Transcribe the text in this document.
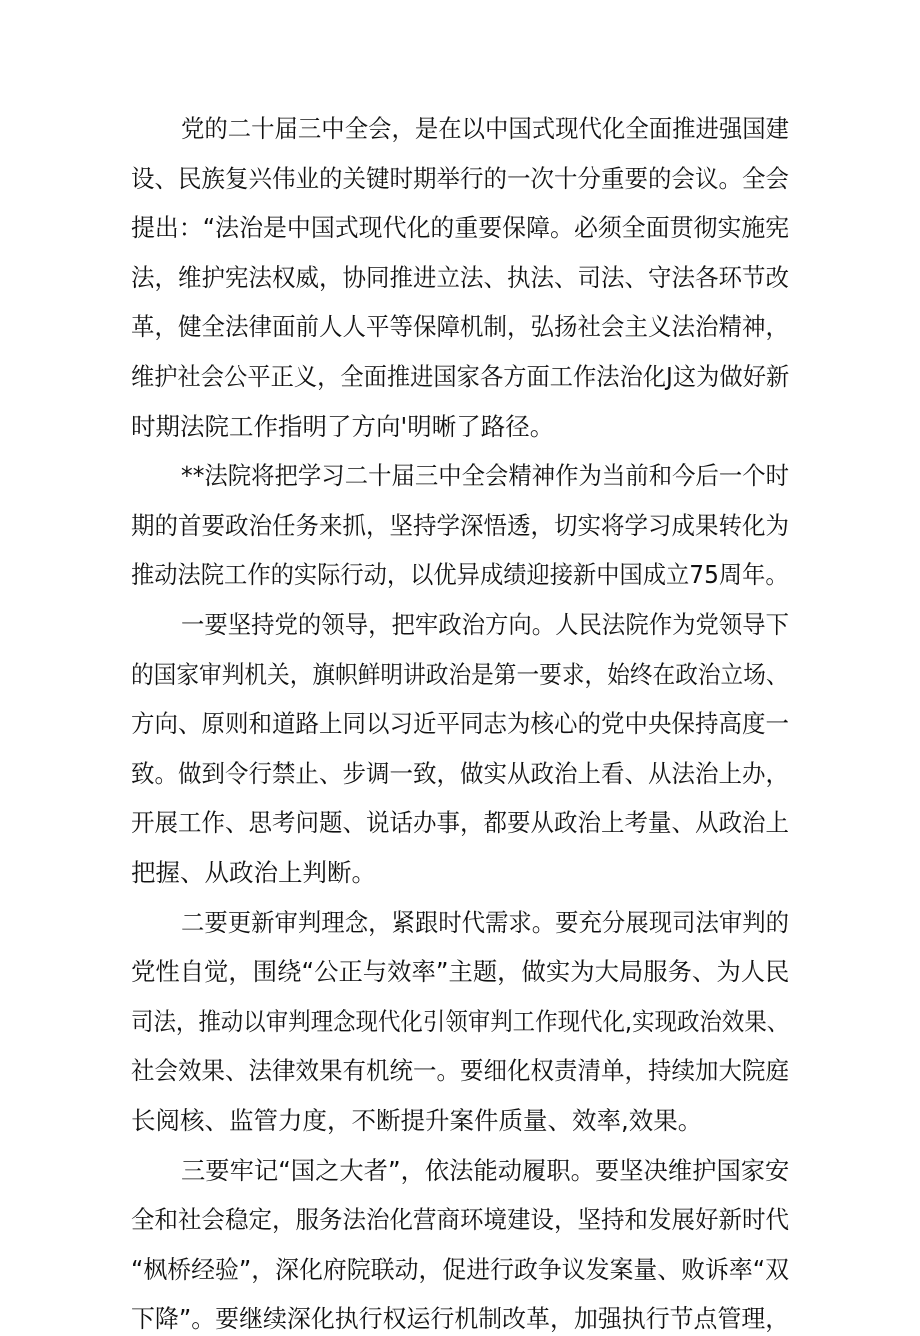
党的二十届三中全会，是在以中国式现代化全面推进强国建
设、民族复兴伟业的关键时期举行的一次十分重要的会议。全会
提出：“法治是中国式现代化的重要保障。必须全面贯彻实施宪
法，维护宪法权威，协同推进立法、执法、司法、守法各环节改
革，健全法律面前人人平等保障机制，弘扬社会主义法治精神，
维护社会公平正义，全面推进国家各方面工作法治化J这为做好新
时期法院工作指明了方向'明晰了路径。
**法院将把学习二十届三中全会精神作为当前和今后一个时
期的首要政治任务来抓，坚持学深悟透，切实将学习成果转化为
推动法院工作的实际行动，以优异成绩迎接新中国成立75周年。
一要坚持党的领导，把牢政治方向。人民法院作为党领导下
的国家审判机关，旗帜鲜明讲政治是第一要求，始终在政治立场、
方向、原则和道路上同以习近平同志为核心的党中央保持高度一
致。做到令行禁止、步调一致，做实从政治上看、从法治上办，
开展工作、思考问题、说话办事，都要从政治上考量、从政治上
把握、从政治上判断。
二要更新审判理念，紧跟时代需求。要充分展现司法审判的
党性自觉，围绕“公正与效率”主题，做实为大局服务、为人民
司法，推动以审判理念现代化引领审判工作现代化,实现政治效果、
社会效果、法律效果有机统一。要细化权责清单，持续加大院庭
长阅核、监管力度，不断提升案件质量、效率,效果。
三要牢记“国之大者”，依法能动履职。要坚决维护国家安
全和社会稳定，服务法治化营商环境建设，坚持和发展好新时代
“枫桥经验”，深化府院联动，促进行政争议发案量、败诉率“双
下降”。要继续深化执行权运行机制改革，加强执行节点管理，
